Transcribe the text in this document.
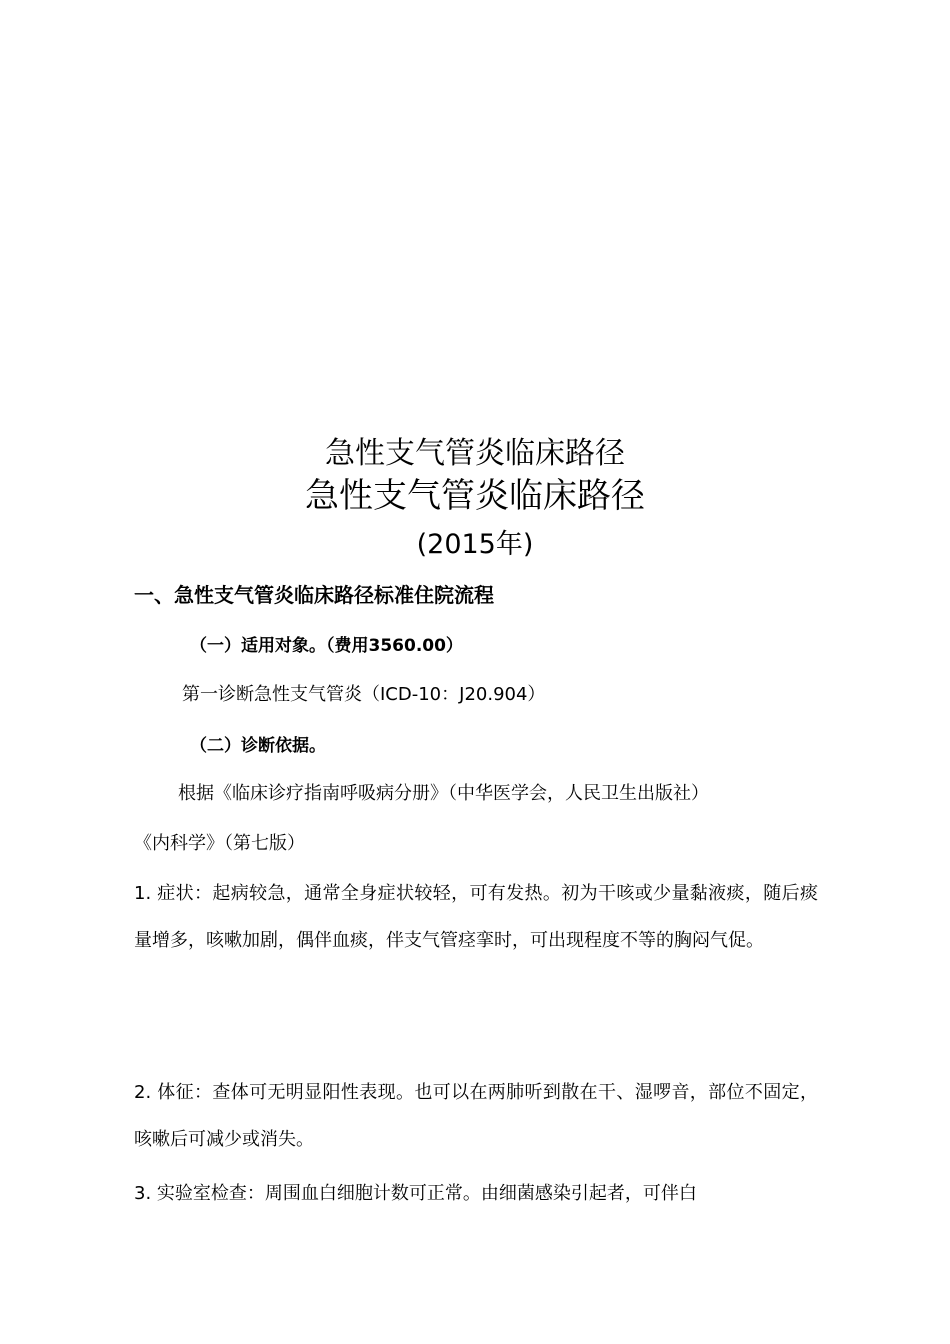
急性支气管炎临床路径
急性支气管炎临床路径
(2015年)
一、急性支气管炎临床路径标准住院流程
（一）适用对象。（费用3560.00）
第一诊断急性支气管炎（ICD-10：J20.904）
（二）诊断依据。
根据《临床诊疗指南呼吸病分册》（中华医学会，人民卫生出版社）
《内科学》（第七版）
1. 症状：起病较急，通常全身症状较轻，可有发热。初为干咳或少量黏液痰，随后痰量增多，咳嗽加剧，偶伴血痰，伴支气管痉挛时，可出现程度不等的胸闷气促。
2. 体征：查体可无明显阳性表现。也可以在两肺听到散在干、湿啰音，部位不固定，咳嗽后可减少或消失。
3. 实验室检查：周围血白细胞计数可正常。由细菌感染引起者，可伴白
